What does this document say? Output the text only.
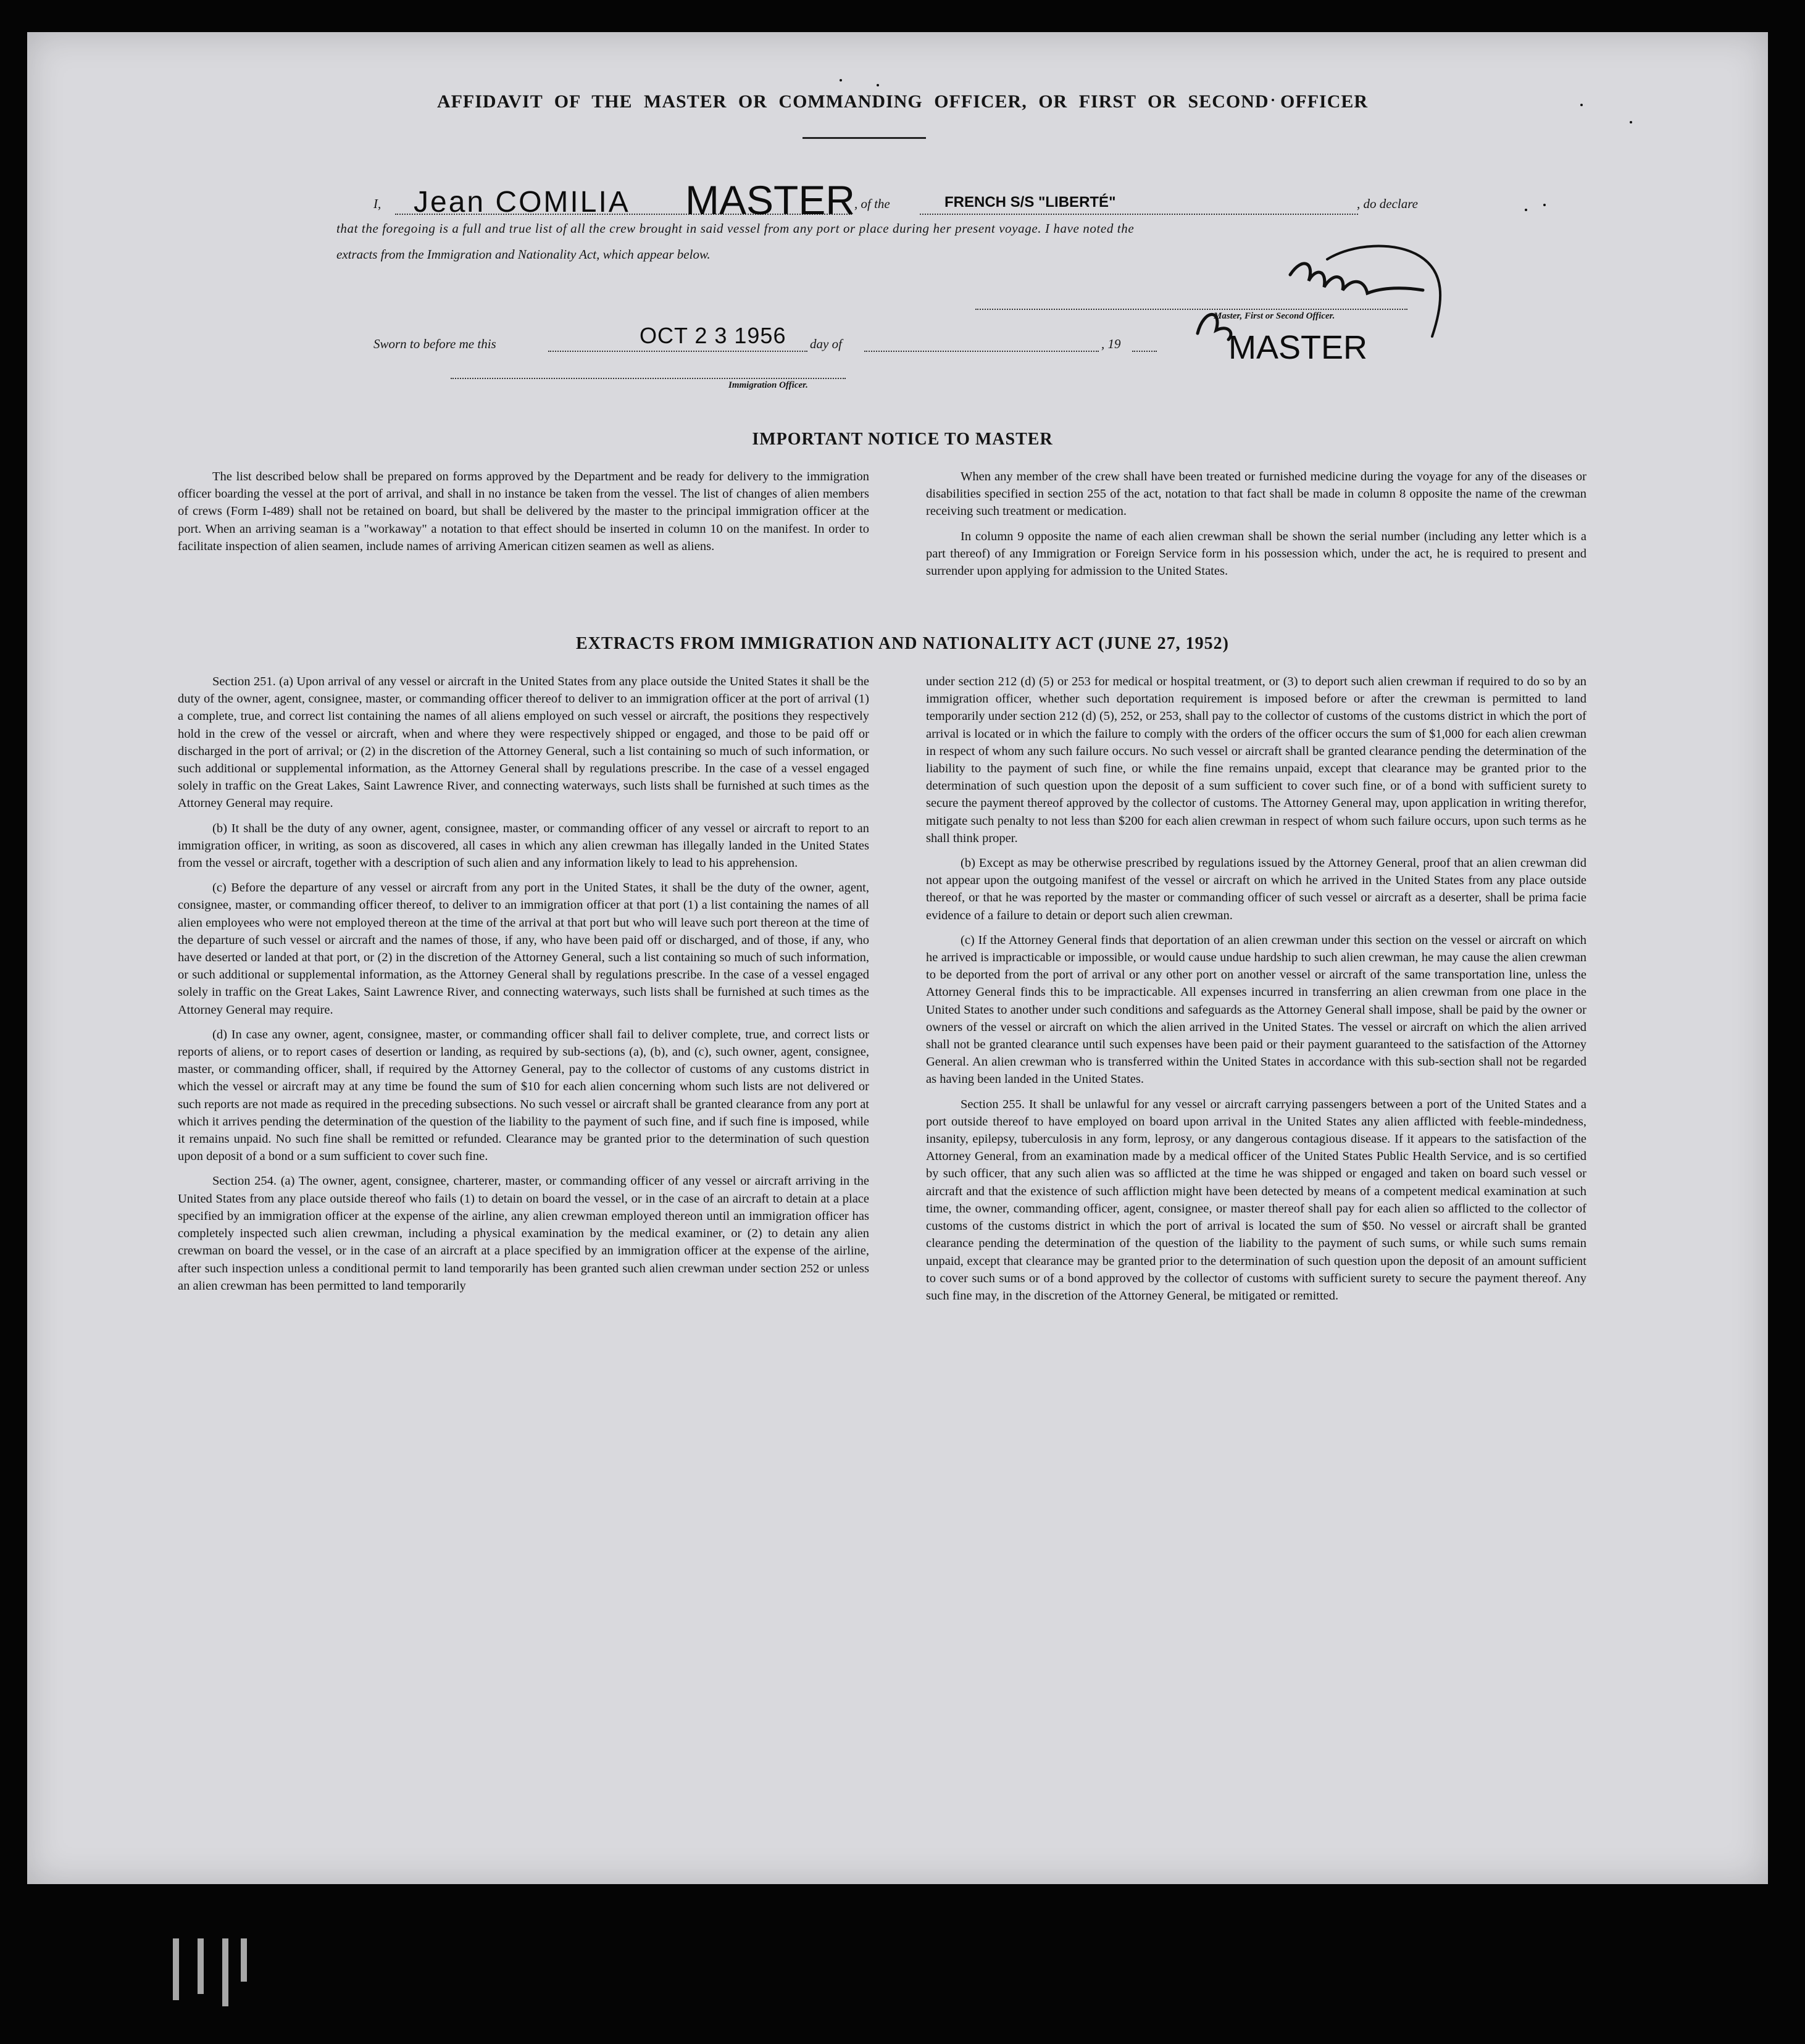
AFFIDAVIT OF THE MASTER OR COMMANDING OFFICER, OR FIRST OR SECOND OFFICER
I, Jean COMILIA MASTER
, of the	FRENCH S/S "LIBERTÉ"	, do declare
that the foregoing is a full and true list of all the crew brought in said vessel from any port or place during her present voyage. I have noted the
extracts from the Immigration and Nationality Act, which appear below.
Master, First or Second Officer.
Sworn to before me this	OCT 2 3 1956 day of	, 19	MASTER
Immigration Officer.
IMPORTANT NOTICE TO MASTER

The list described below shall be prepared on forms approved by the Department and be ready for delivery to the immigration officer boarding the vessel at the port of arrival, and shall in no instance be taken from the vessel. The list of changes of alien members of crews (Form I-489) shall not be retained on board, but shall be delivered by the master to the principal immigration officer at the port. When an arriving seaman is a "workaway" a notation to that effect should be inserted in column 10 on the manifest. In order to facilitate inspection of alien seamen, include names of arriving American citizen seamen as well as aliens.

When any member of the crew shall have been treated or furnished medicine during the voyage for any of the diseases or disabilities specified in section 255 of the act, notation to that fact shall be made in column 8 opposite the name of the crewman receiving such treatment or medication.

In column 9 opposite the name of each alien crewman shall be shown the serial number (including any letter which is a part thereof) of any Immigration or Foreign Service form in his possession which, under the act, he is required to present and surrender upon applying for admission to the United States.

EXTRACTS FROM IMMIGRATION AND NATIONALITY ACT (JUNE 27, 1952)

Section 251. (a) Upon arrival of any vessel or aircraft in the United States from any place outside the United States it shall be the duty of the owner, agent, consignee, master, or commanding officer thereof to deliver to an immigration officer at the port of arrival (1) a complete, true, and correct list containing the names of all aliens employed on such vessel or aircraft, the positions they respectively hold in the crew of the vessel or aircraft, when and where they were respectively shipped or engaged, and those to be paid off or discharged in the port of arrival; or (2) in the discretion of the Attorney General, such a list containing so much of such information, or such additional or supplemental information, as the Attorney General shall by regulations prescribe. In the case of a vessel engaged solely in traffic on the Great Lakes, Saint Lawrence River, and connecting waterways, such lists shall be furnished at such times as the Attorney General may require.

(b) It shall be the duty of any owner, agent, consignee, master, or commanding officer of any vessel or aircraft to report to an immigration officer, in writing, as soon as discovered, all cases in which any alien crewman has illegally landed in the United States from the vessel or aircraft, together with a description of such alien and any information likely to lead to his apprehension.

(c) Before the departure of any vessel or aircraft from any port in the United States, it shall be the duty of the owner, agent, consignee, master, or commanding officer thereof, to deliver to an immigration officer at that port (1) a list containing the names of all alien employees who were not employed thereon at the time of the arrival at that port but who will leave such port thereon at the time of the departure of such vessel or aircraft and the names of those, if any, who have been paid off or discharged, and of those, if any, who have deserted or landed at that port, or (2) in the discretion of the Attorney General, such a list containing so much of such information, or such additional or supplemental information, as the Attorney General shall by regulations prescribe. In the case of a vessel engaged solely in traffic on the Great Lakes, Saint Lawrence River, and connecting waterways, such lists shall be furnished at such times as the Attorney General may require.

(d) In case any owner, agent, consignee, master, or commanding officer shall fail to deliver complete, true, and correct lists or reports of aliens, or to report cases of desertion or landing, as required by sub-sections (a), (b), and (c), such owner, agent, consignee, master, or commanding officer, shall, if required by the Attorney General, pay to the collector of customs of any customs district in which the vessel or aircraft may at any time be found the sum of $10 for each alien concerning whom such lists are not delivered or such reports are not made as required in the preceding subsections. No such vessel or aircraft shall be granted clearance from any port at which it arrives pending the determination of the question of the liability to the payment of such fine, and if such fine is imposed, while it remains unpaid. No such fine shall be remitted or refunded. Clearance may be granted prior to the determination of such question upon deposit of a bond or a sum sufficient to cover such fine.

Section 254. (a) The owner, agent, consignee, charterer, master, or commanding officer of any vessel or aircraft arriving in the United States from any place outside thereof who fails (1) to detain on board the vessel, or in the case of an aircraft to detain at a place specified by an immigration officer at the expense of the airline, any alien crewman employed thereon until an immigration officer has completely inspected such alien crewman, including a physical examination by the medical examiner, or (2) to detain any alien crewman on board the vessel, or in the case of an aircraft at a place specified by an immigration officer at the expense of the airline, after such inspection unless a conditional permit to land temporarily has been granted such alien crewman under section 252 or unless an alien crewman has been permitted to land temporarily

under section 212 (d) (5) or 253 for medical or hospital treatment, or (3) to deport such alien crewman if required to do so by an immigration officer, whether such deportation requirement is imposed before or after the crewman is permitted to land temporarily under section 212 (d) (5), 252, or 253, shall pay to the collector of customs of the customs district in which the port of arrival is located or in which the failure to comply with the orders of the officer occurs the sum of $1,000 for each alien crewman in respect of whom any such failure occurs. No such vessel or aircraft shall be granted clearance pending the determination of the liability to the payment of such fine, or while the fine remains unpaid, except that clearance may be granted prior to the determination of such question upon the deposit of a sum sufficient to cover such fine, or of a bond with sufficient surety to secure the payment thereof approved by the collector of customs. The Attorney General may, upon application in writing therefor, mitigate such penalty to not less than $200 for each alien crewman in respect of whom such failure occurs, upon such terms as he shall think proper.

(b) Except as may be otherwise prescribed by regulations issued by the Attorney General, proof that an alien crewman did not appear upon the outgoing manifest of the vessel or aircraft on which he arrived in the United States from any place outside thereof, or that he was reported by the master or commanding officer of such vessel or aircraft as a deserter, shall be prima facie evidence of a failure to detain or deport such alien crewman.

(c) If the Attorney General finds that deportation of an alien crewman under this section on the vessel or aircraft on which he arrived is impracticable or impossible, or would cause undue hardship to such alien crewman, he may cause the alien crewman to be deported from the port of arrival or any other port on another vessel or aircraft of the same transportation line, unless the Attorney General finds this to be impracticable. All expenses incurred in transferring an alien crewman from one place in the United States to another under such conditions and safeguards as the Attorney General shall impose, shall be paid by the owner or owners of the vessel or aircraft on which the alien arrived in the United States. The vessel or aircraft on which the alien arrived shall not be granted clearance until such expenses have been paid or their payment guaranteed to the satisfaction of the Attorney General. An alien crewman who is transferred within the United States in accordance with this sub-section shall not be regarded as having been landed in the United States.

Section 255. It shall be unlawful for any vessel or aircraft carrying passengers between a port of the United States and a port outside thereof to have employed on board upon arrival in the United States any alien afflicted with feeble-mindedness, insanity, epilepsy, tuberculosis in any form, leprosy, or any dangerous contagious disease. If it appears to the satisfaction of the Attorney General, from an examination made by a medical officer of the United States Public Health Service, and is so certified by such officer, that any such alien was so afflicted at the time he was shipped or engaged and taken on board such vessel or aircraft and that the existence of such affliction might have been detected by means of a competent medical examination at such time, the owner, commanding officer, agent, consignee, or master thereof shall pay for each alien so afflicted to the collector of customs of the customs district in which the port of arrival is located the sum of $50. No vessel or aircraft shall be granted clearance pending the determination of the question of the liability to the payment of such sums, or while such sums remain unpaid, except that clearance may be granted prior to the determination of such question upon the deposit of an amount sufficient to cover such sums or of a bond approved by the collector of customs with sufficient surety to secure the payment thereof. Any such fine may, in the discretion of the Attorney General, be mitigated or remitted.
